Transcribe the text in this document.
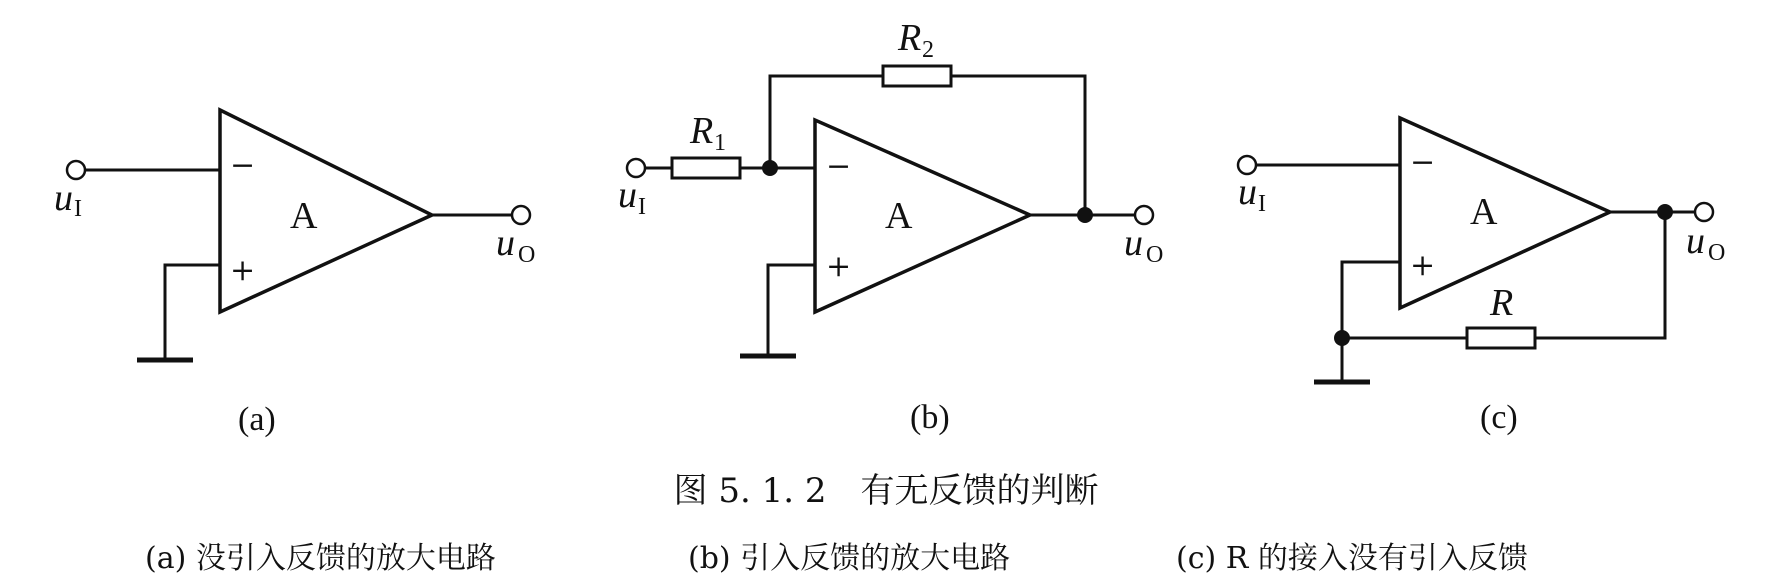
−
+
A
u I
u O
(a)
−
+
A
R 1
R 2
u I
u O
(b)
−
+
A
R
u I
u O
(c)
图 5. 1. 2　有无反馈的判断
(a) 没引入反馈的放大电路	(b) 引入反馈的放大电路	(c) R 的接入没有引入反馈
